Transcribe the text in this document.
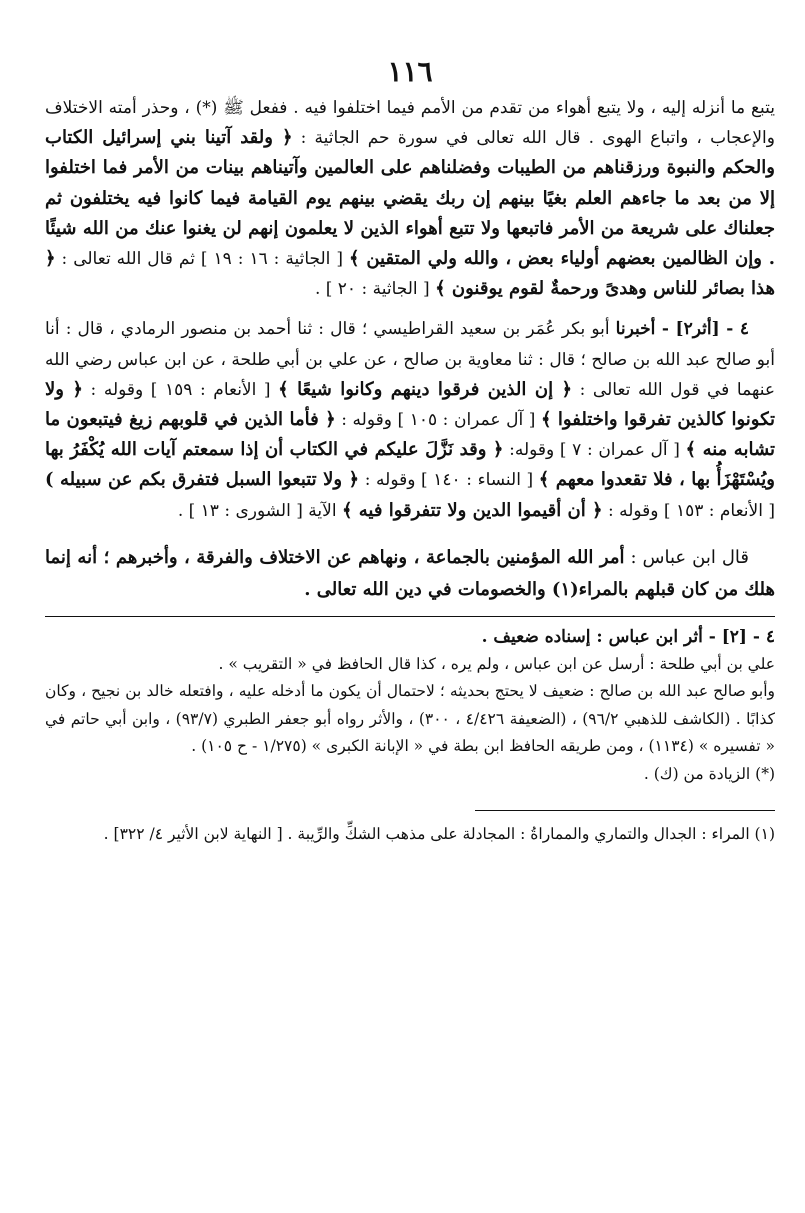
١١٦

يتبع ما أنزله إليه ، ولا يتبع أهواء من تقدم من الأمم فيما اختلفوا فيه . ففعل ﷺ (*) ، وحذر أمته الاختلاف والإعجاب ، واتباع الهوى . قال الله تعالى في سورة حم الجاثية : ﴿ ولقد آتينا بني إسرائيل الكتاب والحكم والنبوة ورزقناهم من الطيبات وفضلناهم على العالمين وآتيناهم بينات من الأمر فما اختلفوا إلا من بعد ما جاءهم العلم بغيًا بينهم إن ربك يقضي بينهم يوم القيامة فيما كانوا فيه يختلفون ثم جعلناك على شريعة من الأمر فاتبعها ولا تتبع أهواء الذين لا يعلمون إنهم لن يغنوا عنك من الله شيئًا . وإن الظالمين بعضهم أولياء بعض ، والله ولي المتقين ﴾ [ الجاثية : ١٦ : ١٩ ] ثم قال الله تعالى : ﴿ هذا بصائر للناس وهدىً ورحمةٌ لقوم يوقنون ﴾ [ الجاثية : ٢٠ ] .

٤ - [أثر٢] - أخبرنا أبو بكر عُمَر بن سعيد القراطيسي ؛ قال : ثنا أحمد بن منصور الرمادي ، قال : أنا أبو صالح عبد الله بن صالح ؛ قال : ثنا معاوية بن صالح ، عن علي بن أبي طلحة ، عن ابن عباس رضي الله عنهما في قول الله تعالى : ﴿ إن الذين فرقوا دينهم وكانوا شيعًا ﴾ [ الأنعام : ١٥٩ ] وقوله : ﴿ ولا تكونوا كالذين تفرقوا واختلفوا ﴾ [ آل عمران : ١٠٥ ] وقوله : ﴿ فأما الذين في قلوبهم زيغ فيتبعون ما تشابه منه ﴾ [ آل عمران : ٧ ] وقوله: ﴿ وقد نَزَّلَ عليكم في الكتاب أن إذا سمعتم آيات الله يُكْفَرُ بها ويُسْتَهْزَأُ بها ، فلا تقعدوا معهم ﴾ [ النساء : ١٤٠ ] وقوله : ﴿ ولا تتبعوا السبل فتفرق بكم عن سبيله ) [ الأنعام : ١٥٣ ] وقوله : ﴿ أن أقيموا الدين ولا تتفرقوا فيه ﴾ الآية [ الشورى : ١٣ ] .

قال ابن عباس : أمر الله المؤمنين بالجماعة ، ونهاهم عن الاختلاف والفرقة ، وأخبرهم ؛ أنه إنما هلك من كان قبلهم بالمراء(١) والخصومات في دين الله تعالى .

٤ - [٢] - أثر ابن عباس : إسناده ضعيف .

علي بن أبي طلحة : أرسل عن ابن عباس ، ولم يره ، كذا قال الحافظ في « التقريب » .

وأبو صالح عبد الله بن صالح : ضعيف لا يحتج بحديثه ؛ لاحتمال أن يكون ما أدخله عليه ، وافتعله خالد بن نجيح ، وكان كذابًا . (الكاشف للذهبي ٩٦/٢) ، (الضعيفة ٤/٤٢٦ ، ٣٠٠) ، والأثر رواه أبو جعفر الطبري (٩٣/٧) ، وابن أبي حاتم في « تفسيره » (١١٣٤) ، ومن طريقه الحافظ ابن بطة في « الإبانة الكبرى » (١/٢٧٥ - ح ١٠٥) .

(*) الزيادة من (ك) .

(١) المراء : الجدال والتماري والمماراةُ : المجادلة على مذهب الشكِّ والرِّيبة . [ النهاية لابن الأثير ٤/ ٣٢٢] .
